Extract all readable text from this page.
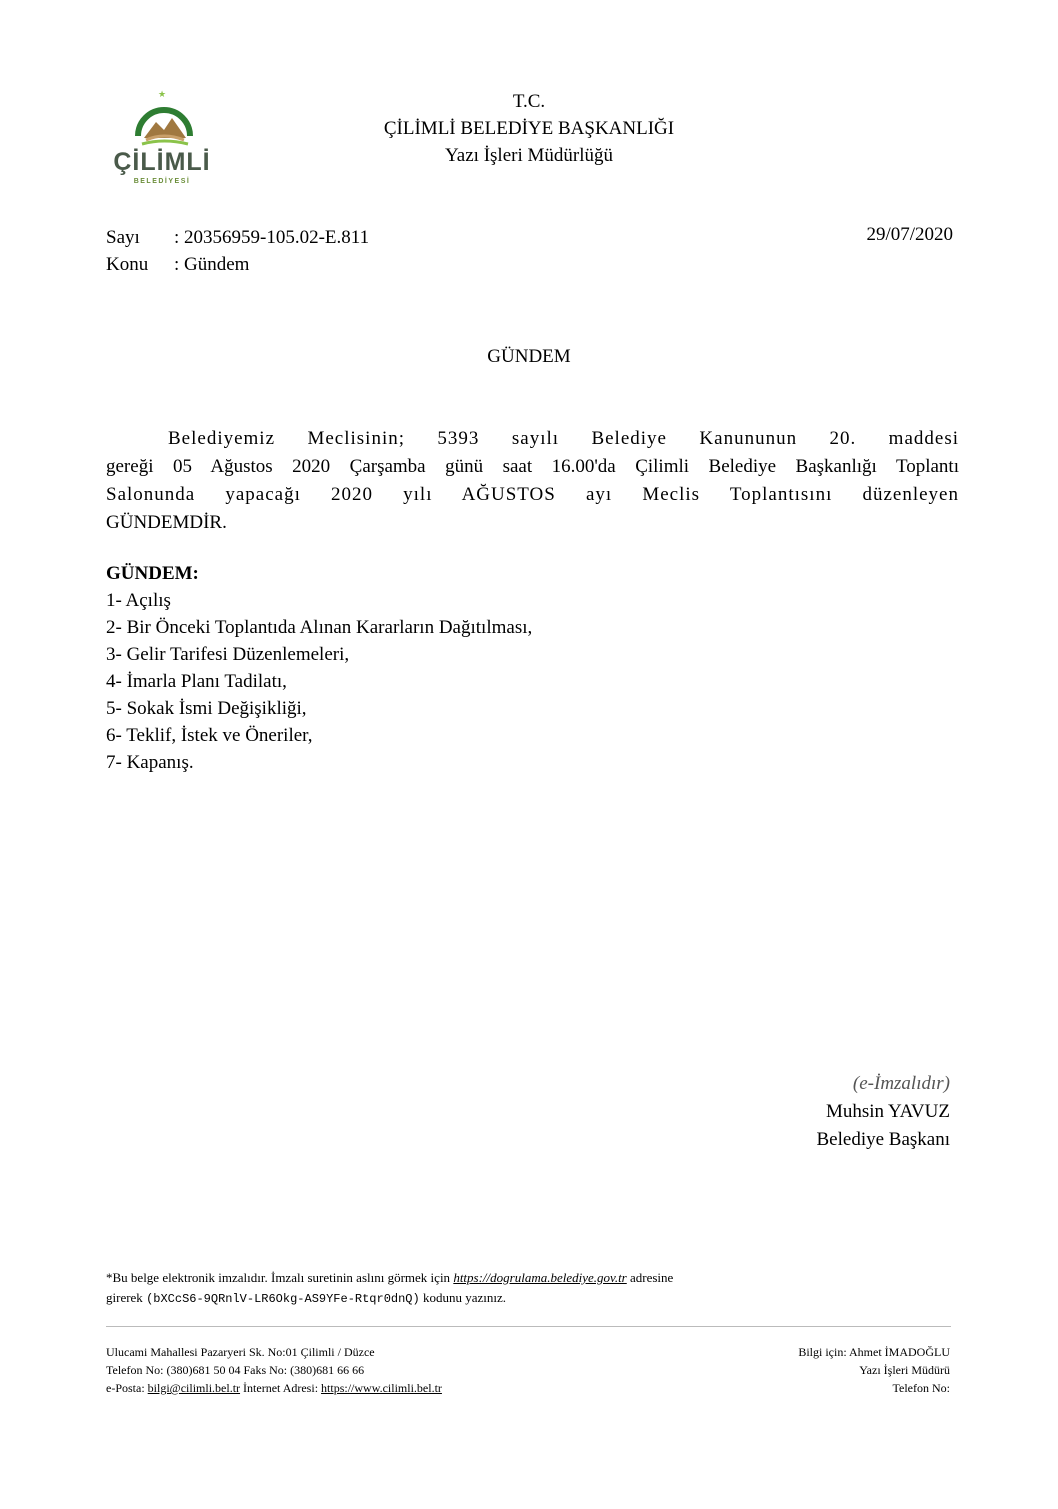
★
ÇİLİMLİ
BELEDİYESİ
T.C.
ÇİLİMLİ BELEDİYE BAŞKANLIĞI
Yazı İşleri Müdürlüğü
Sayı : 20356959-105.02-E.811
Konu : Gündem
29/07/2020
GÜNDEM
Belediyemiz Meclisinin; 5393 sayılı Belediye Kanununun 20. maddesi
gereği 05 Ağustos 2020 Çarşamba günü saat 16.00'da Çilimli Belediye Başkanlığı Toplantı
Salonunda yapacağı 2020 yılı AĞUSTOS ayı Meclis Toplantısını düzenleyen
GÜNDEMDİR.
GÜNDEM:
1- Açılış
2- Bir Önceki Toplantıda Alınan Kararların Dağıtılması,
3- Gelir Tarifesi Düzenlemeleri,
4- İmarla Planı Tadilatı,
5- Sokak İsmi Değişikliği,
6- Teklif, İstek ve Öneriler,
7- Kapanış.
(e-İmzalıdır)
Muhsin YAVUZ
Belediye Başkanı
*Bu belge elektronik imzalıdır. İmzalı suretinin aslını görmek için https://dogrulama.belediye.gov.tr adresine
girerek (bXCcS6-9QRnlV-LR6Okg-AS9YFe-Rtqr0dnQ) kodunu yazınız.
Ulucami Mahallesi Pazaryeri Sk. No:01 Çilimli / Düzce
Telefon No: (380)681 50 04 Faks No: (380)681 66 66
e-Posta: bilgi@cilimli.bel.tr İnternet Adresi: https://www.cilimli.bel.tr
Bilgi için: Ahmet İMADOĞLU
Yazı İşleri Müdürü
Telefon No:
